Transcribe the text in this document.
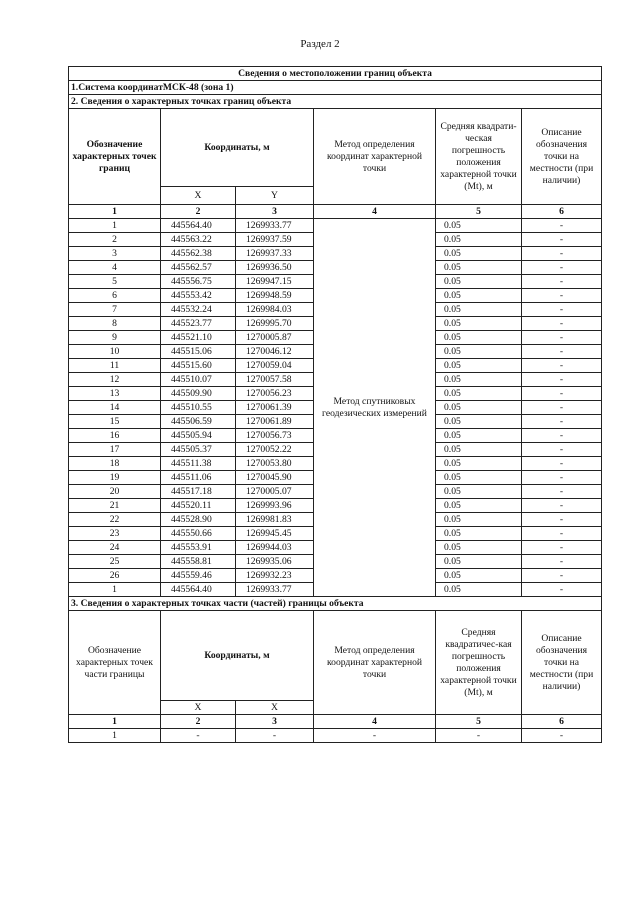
Раздел 2
Сведения о местоположении границ объекта					
1.Система координатМСК-48 (зона 1)					
2. Сведения о характерных точках границ объекта					
Обозначение характерных точек границ	Координаты, м		Метод определения координат характерной точки	Средняя квадрати-ческая погрешность положения характерной точки (Mt), м	Описание обозначения точки на местности (при наличии)
	X	Y			
1	2	3	4	5	6
1	445564.40	1269933.77	Метод спутниковых геодезических измерений	0.05	-
2	445563.22	1269937.59		0.05	-
3	445562.38	1269937.33		0.05	-
4	445562.57	1269936.50		0.05	-
5	445556.75	1269947.15		0.05	-
6	445553.42	1269948.59		0.05	-
7	445532.24	1269984.03		0.05	-
8	445523.77	1269995.70		0.05	-
9	445521.10	1270005.87		0.05	-
10	445515.06	1270046.12		0.05	-
11	445515.60	1270059.04		0.05	-
12	445510.07	1270057.58		0.05	-
13	445509.90	1270056.23		0.05	-
14	445510.55	1270061.39		0.05	-
15	445506.59	1270061.89		0.05	-
16	445505.94	1270056.73		0.05	-
17	445505.37	1270052.22		0.05	-
18	445511.38	1270053.80		0.05	-
19	445511.06	1270045.90		0.05	-
20	445517.18	1270005.07		0.05	-
21	445520.11	1269993.96		0.05	-
22	445528.90	1269981.83		0.05	-
23	445550.66	1269945.45		0.05	-
24	445553.91	1269944.03		0.05	-
25	445558.81	1269935.06		0.05	-
26	445559.46	1269932.23		0.05	-
1	445564.40	1269933.77		0.05	-
3. Сведения о характерных точках части (частей) границы объекта					
Обозначение характерных точек части границы	Координаты, м		Метод определения координат характерной точки	Средняя квадратичес-кая погрешность положения характерной точки (Mt), м	Описание обозначения точки на местности (при наличии)
	X	X			
1	2	3	4	5	6
1	-	-	-	-	-
